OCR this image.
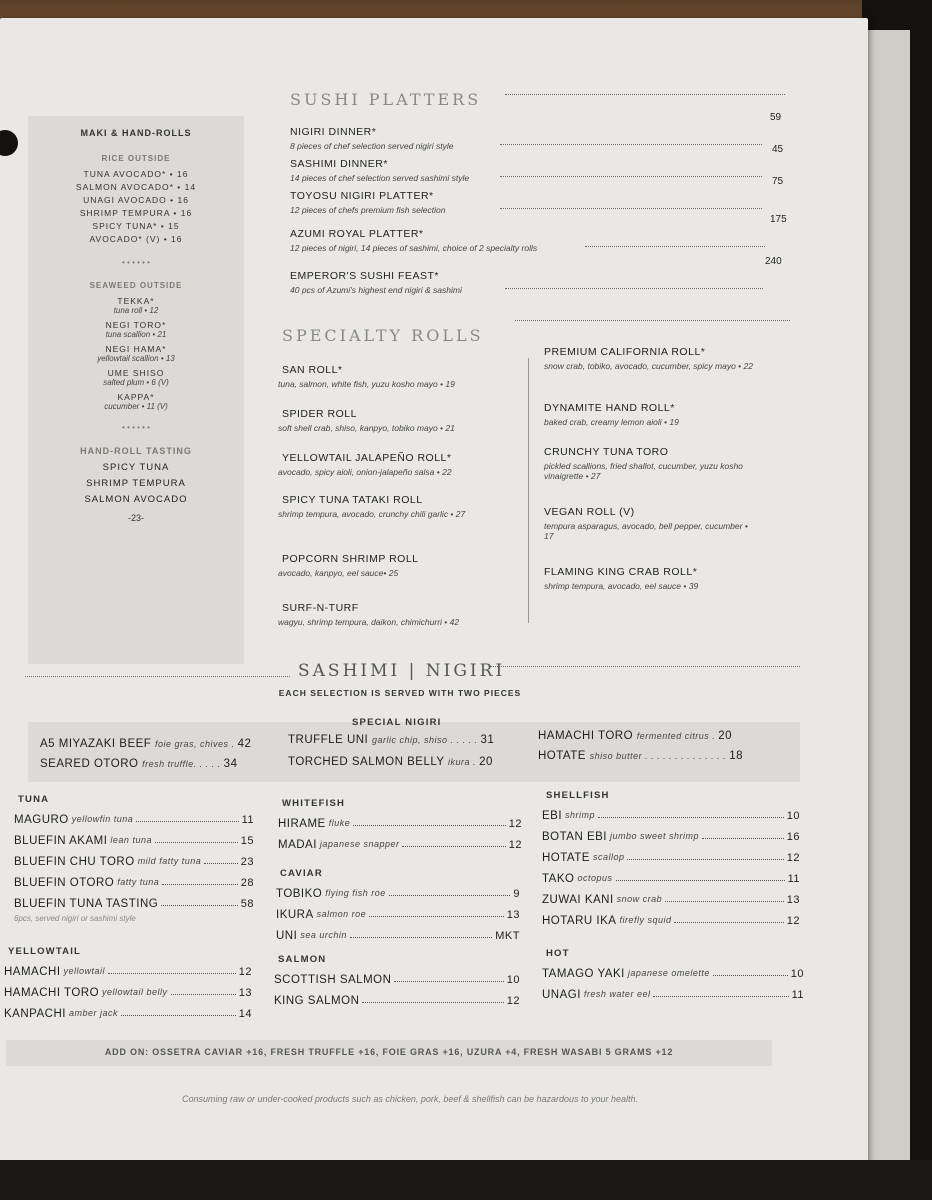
MAKI & HAND-ROLLS
RICE OUTSIDE
TUNA AVOCADO* • 16
SALMON AVOCADO* • 14
UNAGI AVOCADO • 16
SHRIMP TEMPURA • 16
SPICY TUNA* • 15
AVOCADO* (V) • 16
• • • • • •
SEAWEED OUTSIDE
TEKKA*
tuna roll • 12
NEGI TORO*
tuna scallion • 21
NEGI HAMA*
yellowtail scallion • 13
UME SHISO
salted plum • 6 (V)
KAPPA*
cucumber • 11 (V)
• • • • • •
HAND-ROLL TASTING
SPICY TUNA
SHRIMP TEMPURA
SALMON AVOCADO
-23-
SUSHI PLATTERS
NIGIRI DINNER*
8 pieces of chef selection served nigiri style
59
SASHIMI DINNER*
14 pieces of chef selection served sashimi style
45
TOYOSU NIGIRI PLATTER*
12 pieces of chefs premium fish selection
75
AZUMI ROYAL PLATTER*
12 pieces of nigiri, 14 pieces of sashimi, choice of 2 specialty rolls
175
EMPEROR'S SUSHI FEAST*
40 pcs of Azumi's highest end nigiri & sashimi
240
SPECIALTY ROLLS
SAN ROLL*
tuna, salmon, white fish, yuzu kosho mayo • 19
SPIDER ROLL
soft shell crab, shiso, kanpyo, tobiko mayo • 21
YELLOWTAIL JALAPEÑO ROLL*
avocado, spicy aioli, onion-jalapeño salsa • 22
SPICY TUNA TATAKI ROLL
shrimp tempura, avocado, crunchy chili garlic • 27
POPCORN SHRIMP ROLL
avocado, kanpyo, eel sauce• 25
SURF-N-TURF
wagyu, shrimp tempura, daikon, chimichurri • 42
PREMIUM CALIFORNIA ROLL*
snow crab, tobiko, avocado, cucumber, spicy mayo • 22
DYNAMITE HAND ROLL*
baked crab, creamy lemon aioli • 19
CRUNCHY TUNA TORO
pickled scallions, fried shallot, cucumber, yuzu kosho vinaigrette • 27
VEGAN ROLL (V)
tempura asparagus, avocado, bell pepper, cucumber • 17
FLAMING KING CRAB ROLL*
shrimp tempura, avocado, eel sauce • 39
SASHIMI | NIGIRI
EACH SELECTION IS SERVED WITH TWO PIECES
SPECIAL NIGIRI
A5 MIYAZAKI BEEF foie gras, chives . 42
SEARED OTORO fresh truffle. . . . . 34
TRUFFLE UNI garlic chip, shiso . . . . . 31
TORCHED SALMON BELLY ikura . 20
HAMACHI TORO fermented citrus . 20
HOTATE shiso butter . . . . . . . . . . . . . . 18
TUNA
MAGURO yellowfin tuna	11
BLUEFIN AKAMI lean tuna	15
BLUEFIN CHU TORO mild fatty tuna	23
BLUEFIN OTORO fatty tuna	28
BLUEFIN TUNA TASTING	58
6pcs, served nigiri or sashimi style
YELLOWTAIL
HAMACHI yellowtail	12
HAMACHI TORO yellowtail belly	13
KANPACHI amber jack	14
WHITEFISH
HIRAME fluke	12
MADAI japanese snapper	12
CAVIAR
TOBIKO flying fish roe	9
IKURA salmon roe	13
UNI sea urchin	MKT
SALMON
SCOTTISH SALMON	10
KING SALMON	12
SHELLFISH
EBI shrimp	10
BOTAN EBI jumbo sweet shrimp	16
HOTATE scallop	12
TAKO octopus	11
ZUWAI KANI snow crab	13
HOTARU IKA firefly squid	12
HOT
TAMAGO YAKI japanese omelette	10
UNAGI fresh water eel	11
ADD ON: OSSETRA CAVIAR +16, FRESH TRUFFLE +16, FOIE GRAS +16, UZURA +4, FRESH WASABI 5 GRAMS +12
Consuming raw or under-cooked products such as chicken, pork, beef & shellfish can be hazardous to your health.
